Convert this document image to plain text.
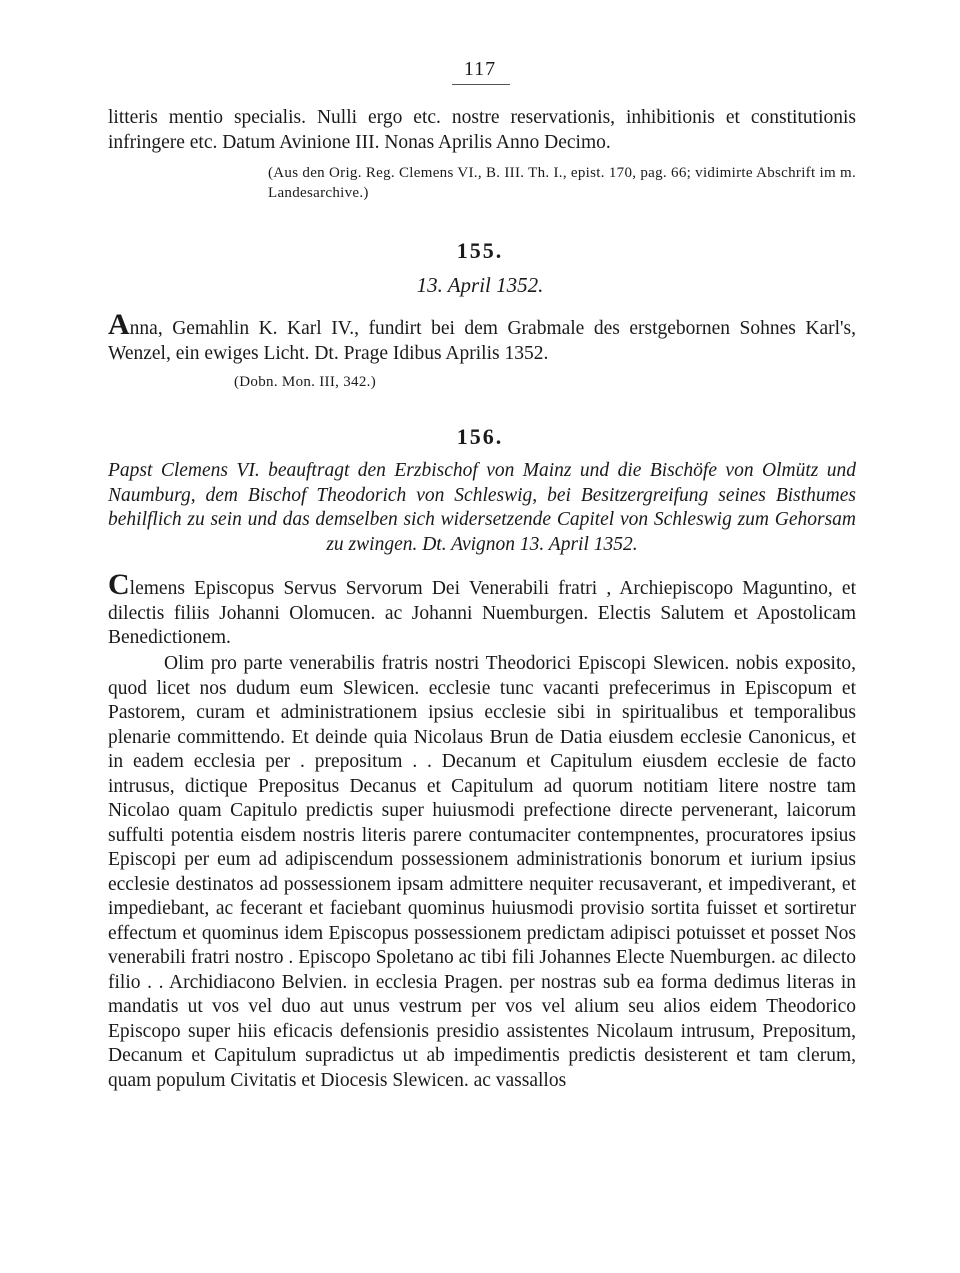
117

litteris mentio specialis. Nulli ergo etc. nostre reservationis, inhibitionis et constitutionis infringere etc. Datum Avinione III. Nonas Aprilis Anno Decimo.

(Aus den Orig. Reg. Clemens VI., B. III. Th. I., epist. 170, pag. 66; vidimirte Abschrift im m. Landesarchive.)

155.
13. April 1352.

Anna, Gemahlin K. Karl IV., fundirt bei dem Grabmale des erstgebornen Sohnes Karl's, Wenzel, ein ewiges Licht. Dt. Prage Idibus Aprilis 1352.

(Dobn. Mon. III, 342.)

156.

Papst Clemens VI. beauftragt den Erzbischof von Mainz und die Bischöfe von Olmütz und Naumburg, dem Bischof Theodorich von Schleswig, bei Besitzergreifung seines Bisthumes behilflich zu sein und das demselben sich widersetzende Capitel von Schleswig zum Gehorsam zu zwingen. Dt. Avignon 13. April 1352.

Clemens Episcopus Servus Servorum Dei Venerabili fratri , Archiepiscopo Maguntino, et dilectis filiis Johanni Olomucen. ac Johanni Nuemburgen. Electis Salutem et Apostolicam Benedictionem.

Olim pro parte venerabilis fratris nostri Theodorici Episcopi Slewicen. nobis exposito, quod licet nos dudum eum Slewicen. ecclesie tunc vacanti prefecerimus in Episcopum et Pastorem, curam et administrationem ipsius ecclesie sibi in spiritualibus et temporalibus plenarie committendo. Et deinde quia Nicolaus Brun de Datia eiusdem ecclesie Canonicus, et in eadem ecclesia per . prepositum . . Decanum et Capitulum eiusdem ecclesie de facto intrusus, dictique Prepositus Decanus et Capitulum ad quorum notitiam litere nostre tam Nicolao quam Capitulo predictis super huiusmodi prefectione directe pervenerant, laicorum suffulti potentia eisdem nostris literis parere contumaciter contempnentes, procuratores ipsius Episcopi per eum ad adipiscendum possessionem administrationis bonorum et iurium ipsius ecclesie destinatos ad possessionem ipsam admittere nequiter recusaverant, et impediverant, et impediebant, ac fecerant et faciebant quominus huiusmodi provisio sortita fuisset et sortiretur effectum et quominus idem Episcopus possessionem predictam adipisci potuisset et posset Nos venerabili fratri nostro . Episcopo Spoletano ac tibi fili Johannes Electe Nuemburgen. ac dilecto filio . . Archidiacono Belvien. in ecclesia Pragen. per nostras sub ea forma dedimus literas in mandatis ut vos vel duo aut unus vestrum per vos vel alium seu alios eidem Theodorico Episcopo super hiis eficacis defensionis presidio assistentes Nicolaum intrusum, Prepositum, Decanum et Capitulum supradictus ut ab impedimentis predictis desisterent et tam clerum, quam populum Civitatis et Diocesis Slewicen. ac vassallos
